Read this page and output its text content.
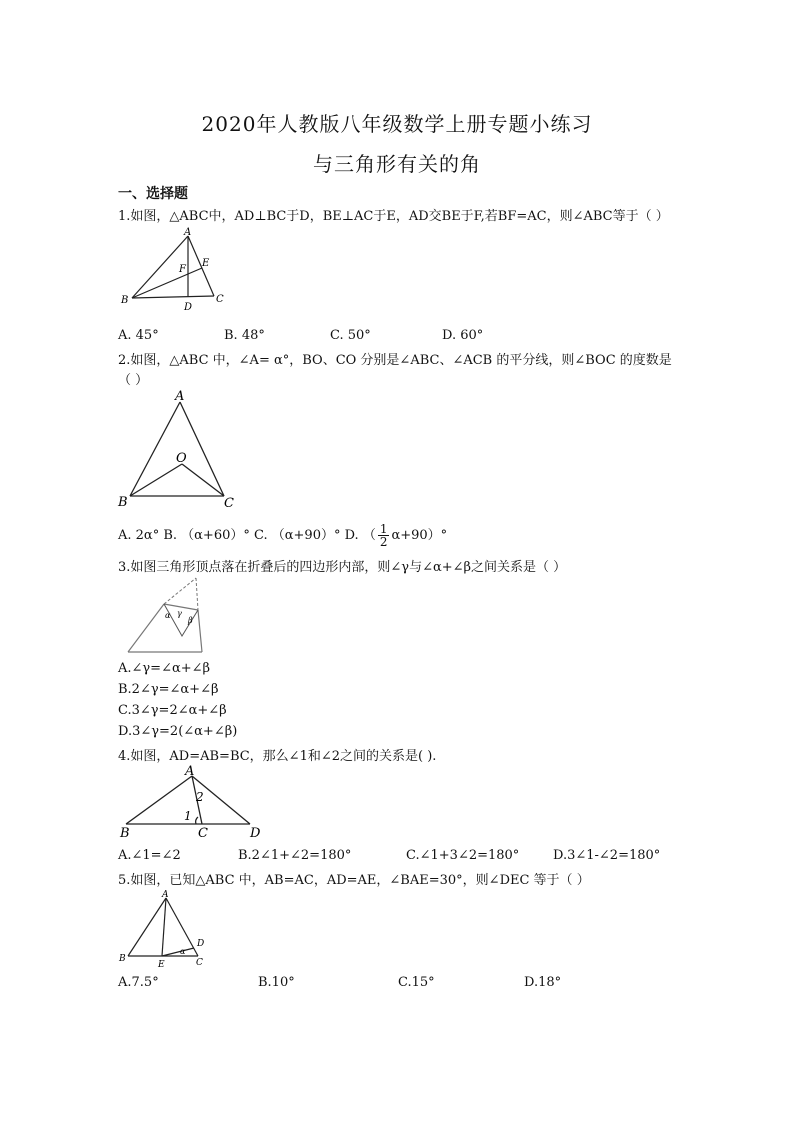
2020年人教版八年级数学上册专题小练习
与三角形有关的角
一、选择题
1.如图，△ABC中，AD⊥BC于D，BE⊥AC于E，AD交BE于F,若BF=AC，则∠ABC等于（ ）
A
B	C
D
E
F
A. 45°	B. 48°	C. 50°	D. 60°
2.如图，△ABC 中，∠A= α°，BO、CO 分别是∠ABC、∠ACB 的平分线，则∠BOC 的度数是
（ ）
A
B	C
O
A. 2α° B. （α+60）° C. （α+90）° D. （ $\frac{1}{2} \alpha+90)^\circ$
3.如图三角形顶点落在折叠后的四边形内部，则∠γ与∠α+∠β之间关系是（ ）
α γ
β
A.∠γ=∠α+∠β
B.2∠γ=∠α+∠β
C.3∠γ=2∠α+∠β
D.3∠γ=2(∠α+∠β)
4.如图，AD=AB=BC，那么∠1和∠2之间的关系是( ).
A
B	C	D
1
2
A.∠1=∠2	B.2∠1+∠2=180°	C.∠1+3∠2=180°	D.3∠1-∠2=180°
5.如图，已知△ABC 中，AB=AC，AD=AE，∠BAE=30°，则∠DEC 等于（ ）
A
B	C
D
E
α
A.7.5°	B.10°	C.15°	D.18°
